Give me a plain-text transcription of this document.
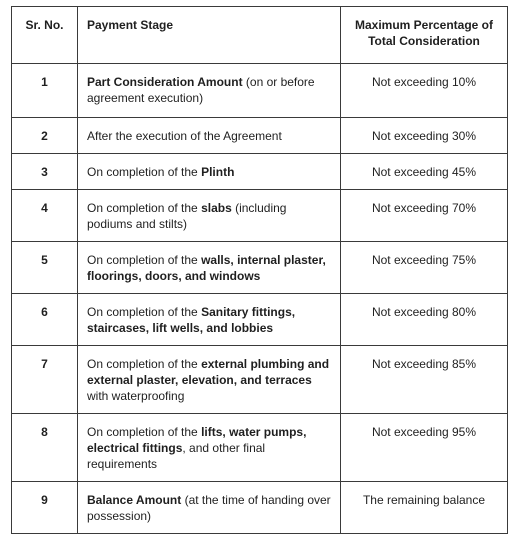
Sr. No.	Payment Stage	Maximum Percentage of Total Consideration
1	Part Consideration Amount (on or before agreement execution)	Not exceeding 10%
2	After the execution of the Agreement	Not exceeding 30%
3	On completion of the Plinth	Not exceeding 45%
4	On completion of the slabs (including podiums and stilts)	Not exceeding 70%
5	On completion of the walls, internal plaster, floorings, doors, and windows	Not exceeding 75%
6	On completion of the Sanitary fittings, staircases, lift wells, and lobbies	Not exceeding 80%
7	On completion of the external plumbing and external plaster, elevation, and terraces with waterproofing	Not exceeding 85%
8	On completion of the lifts, water pumps, electrical fittings, and other final requirements	Not exceeding 95%
9	Balance Amount (at the time of handing over possession)	The remaining balance
